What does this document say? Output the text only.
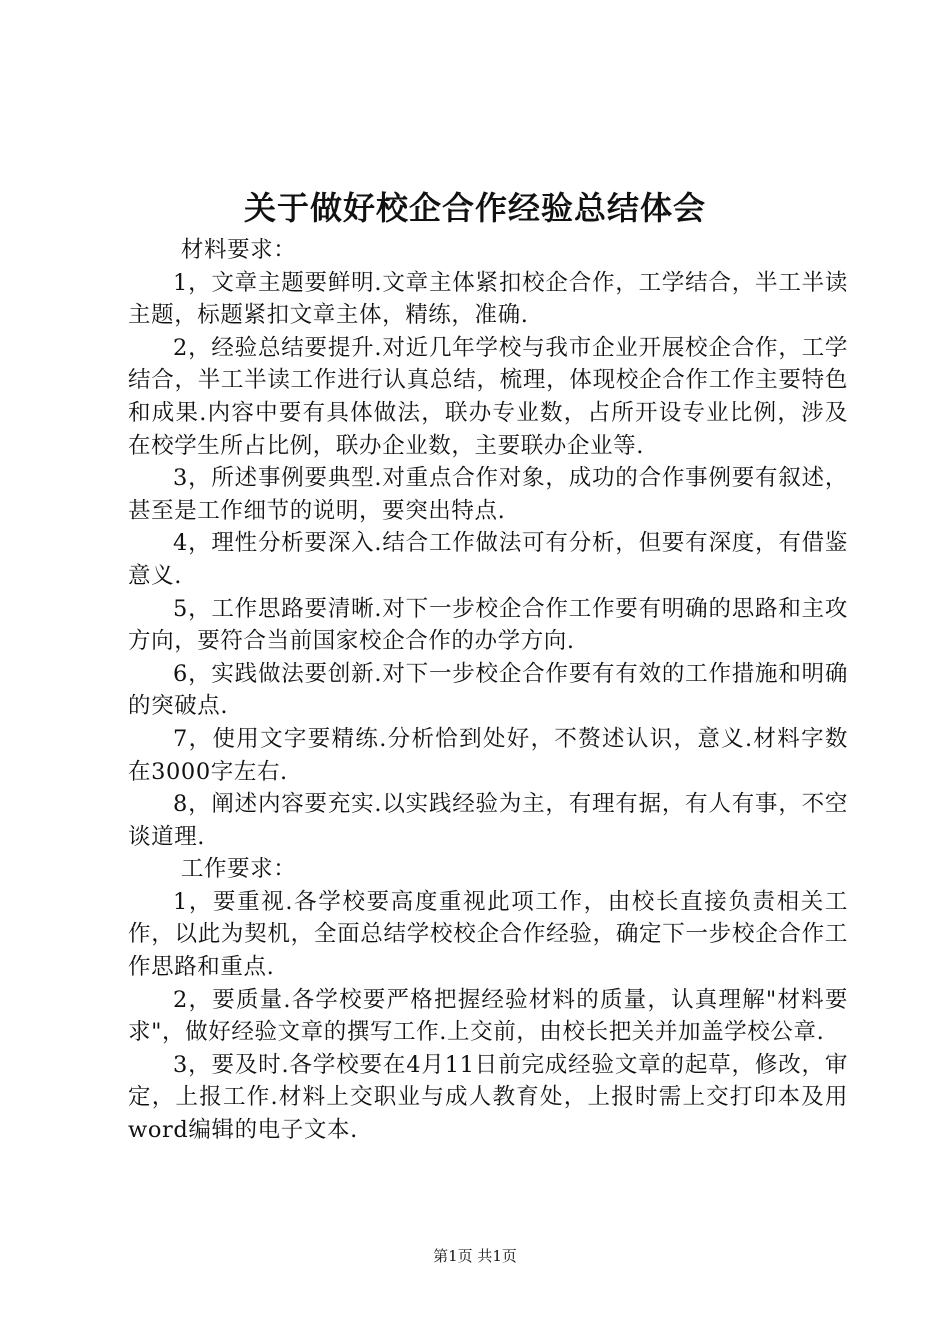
关于做好校企合作经验总结体会

材料要求：

1，文章主题要鲜明.文章主体紧扣校企合作，工学结合，半工半读主题，标题紧扣文章主体，精练，准确.

2，经验总结要提升.对近几年学校与我市企业开展校企合作，工学结合，半工半读工作进行认真总结，梳理，体现校企合作工作主要特色和成果.内容中要有具体做法，联办专业数，占所开设专业比例，涉及在校学生所占比例，联办企业数，主要联办企业等.

3，所述事例要典型.对重点合作对象，成功的合作事例要有叙述，甚至是工作细节的说明，要突出特点.

4，理性分析要深入.结合工作做法可有分析，但要有深度，有借鉴意义.

5，工作思路要清晰.对下一步校企合作工作要有明确的思路和主攻方向，要符合当前国家校企合作的办学方向.

6，实践做法要创新.对下一步校企合作要有有效的工作措施和明确的突破点.

7，使用文字要精练.分析恰到处好，不赘述认识，意义.材料字数在3000字左右.

8，阐述内容要充实.以实践经验为主，有理有据，有人有事，不空谈道理.

工作要求：

1，要重视.各学校要高度重视此项工作，由校长直接负责相关工作，以此为契机，全面总结学校校企合作经验，确定下一步校企合作工作思路和重点.

2，要质量.各学校要严格把握经验材料的质量，认真理解"材料要求"，做好经验文章的撰写工作.上交前，由校长把关并加盖学校公章.

3，要及时.各学校要在4月11日前完成经验文章的起草，修改，审定，上报工作.材料上交职业与成人教育处，上报时需上交打印本及用word编辑的电子文本.

第1页 共1页
